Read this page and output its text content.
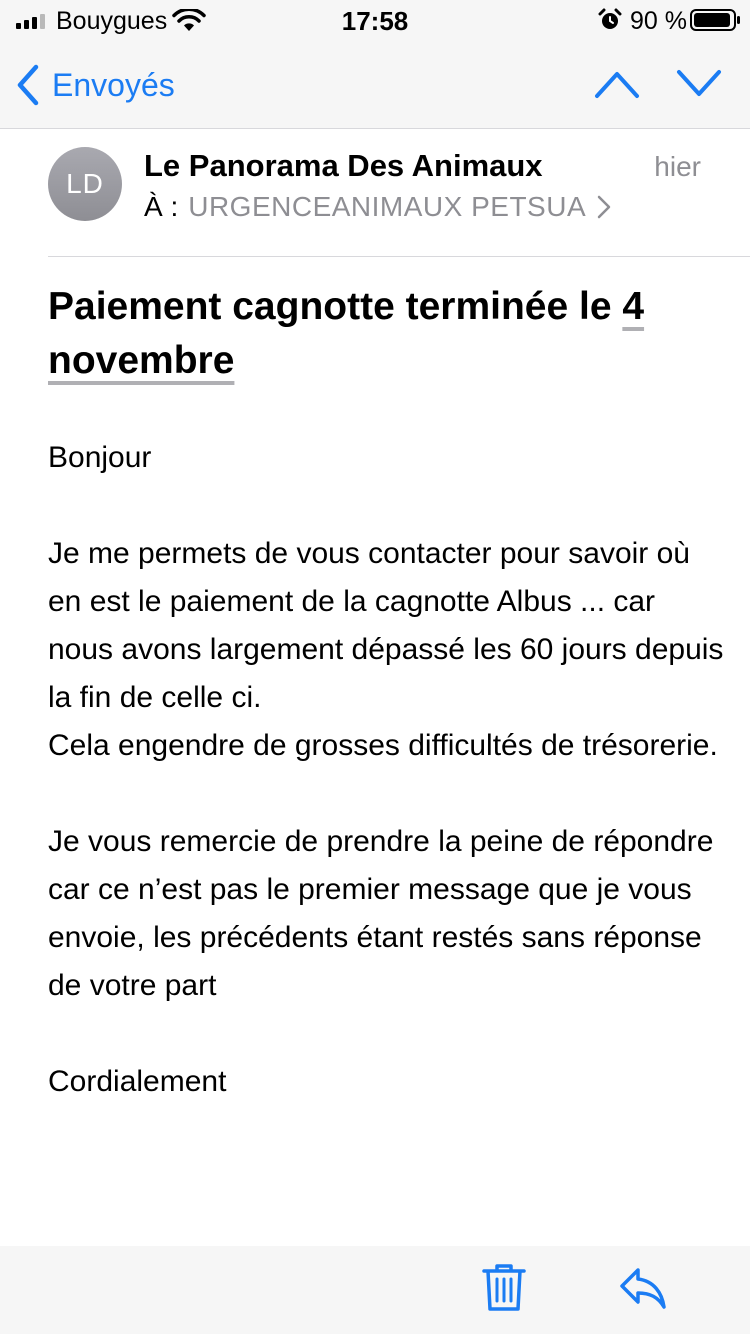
Bouygues	17:58	90 %
Envoyés
LD
Le Panorama Des Animaux	hier
À : URGENCEANIMAUX PETSUA
Paiement cagnotte terminée le 4 novembre

Bonjour

Je me permets de vous contacter pour savoir où en est le paiement de la cagnotte Albus ... car nous avons largement dépassé les 60 jours depuis la fin de celle ci.

Cela engendre de grosses difficultés de trésorerie.

Je vous remercie de prendre la peine de répondre car ce n’est pas le premier message que je vous envoie, les précédents étant restés sans réponse de votre part

Cordialement
